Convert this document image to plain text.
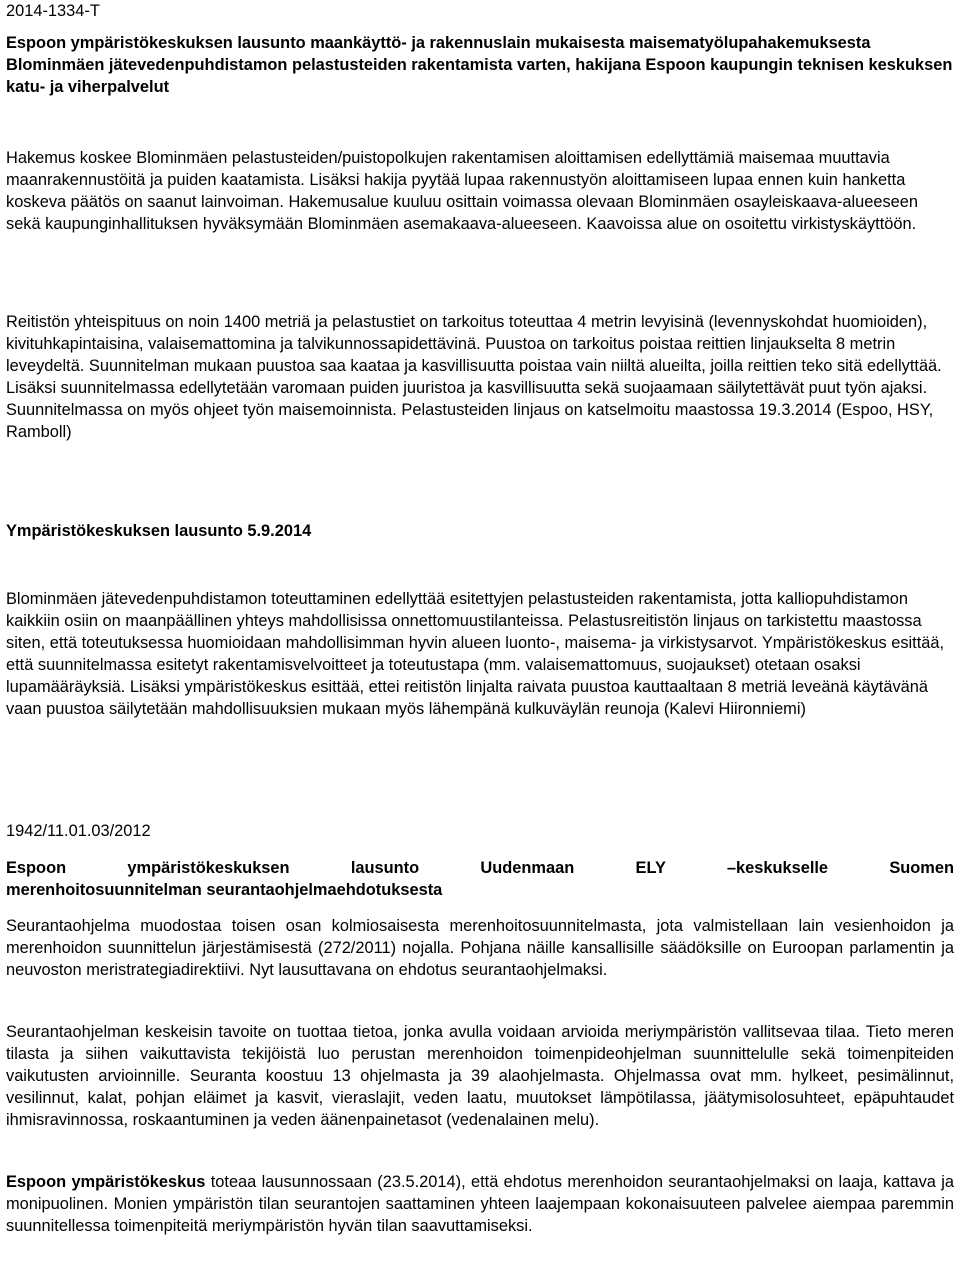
2014-1334-T

Espoon ympäristökeskuksen lausunto maankäyttö- ja rakennuslain mukaisesta maisematyölupahakemuksesta Blominmäen jätevedenpuhdistamon pelastusteiden rakentamista varten, hakijana Espoon kaupungin teknisen keskuksen katu- ja viherpalvelut

Hakemus koskee Blominmäen pelastusteiden/puistopolkujen rakentamisen aloittamisen edellyttämiä maisemaa muuttavia maanrakennustöitä ja puiden kaatamista. Lisäksi hakija pyytää lupaa rakennustyön aloittamiseen lupaa ennen kuin hanketta koskeva päätös on saanut lainvoiman. Hakemusalue kuuluu osittain voimassa olevaan Blominmäen osayleiskaava-alueeseen sekä kaupunginhallituksen hyväksymään Blominmäen asemakaava-alueeseen. Kaavoissa alue on osoitettu virkistyskäyttöön.

Reitistön yhteispituus on noin 1400 metriä ja pelastustiet on tarkoitus toteuttaa 4 metrin levyisinä (levennyskohdat huomioiden), kivituhkapintaisina, valaisemattomina ja talvikunnossapidettävinä. Puustoa on tarkoitus poistaa reittien linjaukselta 8 metrin leveydeltä. Suunnitelman mukaan puustoa saa kaataa ja kasvillisuutta poistaa vain niiltä alueilta, joilla reittien teko sitä edellyttää. Lisäksi suunnitelmassa edellytetään varomaan puiden juuristoa ja kasvillisuutta sekä suojaamaan säilytettävät puut työn ajaksi. Suunnitelmassa on myös ohjeet työn maisemoinnista. Pelastusteiden linjaus on katselmoitu maastossa 19.3.2014 (Espoo, HSY, Ramboll)

Ympäristökeskuksen lausunto 5.9.2014

Blominmäen jätevedenpuhdistamon toteuttaminen edellyttää esitettyjen pelastusteiden rakentamista, jotta kalliopuhdistamon kaikkiin osiin on maanpäällinen yhteys mahdollisissa onnettomuustilanteissa. Pelastusreitistön linjaus on tarkistettu maastossa siten, että toteutuksessa huomioidaan mahdollisimman hyvin alueen luonto-, maisema- ja virkistysarvot. Ympäristökeskus esittää, että suunnitelmassa esitetyt rakentamisvelvoitteet ja toteutustapa (mm. valaisemattomuus, suojaukset) otetaan osaksi lupamääräyksiä. Lisäksi ympäristökeskus esittää, ettei reitistön linjalta raivata puustoa kauttaaltaan 8 metriä leveänä käytävänä vaan puustoa säilytetään mahdollisuuksien mukaan myös lähempänä kulkuväylän reunoja (Kalevi Hiironniemi)

1942/11.01.03/2012

Espoon ympäristökeskuksen lausunto Uudenmaan ELY –keskukselle Suomen
merenhoitosuunnitelman seurantaohjelmaehdotuksesta

Seurantaohjelma muodostaa toisen osan kolmiosaisesta merenhoitosuunnitelmasta, jota valmistellaan lain vesienhoidon ja merenhoidon suunnittelun järjestämisestä (272/2011) nojalla. Pohjana näille kansallisille säädöksille on Euroopan parlamentin ja neuvoston meristrategiadirektiivi. Nyt lausuttavana on ehdotus seurantaohjelmaksi.

Seurantaohjelman keskeisin tavoite on tuottaa tietoa, jonka avulla voidaan arvioida meriympäristön vallitsevaa tilaa. Tieto meren tilasta ja siihen vaikuttavista tekijöistä luo perustan merenhoidon toimenpideohjelman suunnittelulle sekä toimenpiteiden vaikutusten arvioinnille. Seuranta koostuu 13 ohjelmasta ja 39 alaohjelmasta. Ohjelmassa ovat mm. hylkeet, pesimälinnut, vesilinnut, kalat, pohjan eläimet ja kasvit, vieraslajit, veden laatu, muutokset lämpötilassa, jäätymisolosuhteet, epäpuhtaudet ihmisravinnossa, roskaantuminen ja veden äänenpainetasot (vedenalainen melu).

Espoon ympäristökeskus toteaa lausunnossaan (23.5.2014), että ehdotus merenhoidon seurantaohjelmaksi on laaja, kattava ja monipuolinen. Monien ympäristön tilan seurantojen saattaminen yhteen laajempaan kokonaisuuteen palvelee aiempaa paremmin suunnitellessa toimenpiteitä meriympäristön hyvän tilan saavuttamiseksi.
